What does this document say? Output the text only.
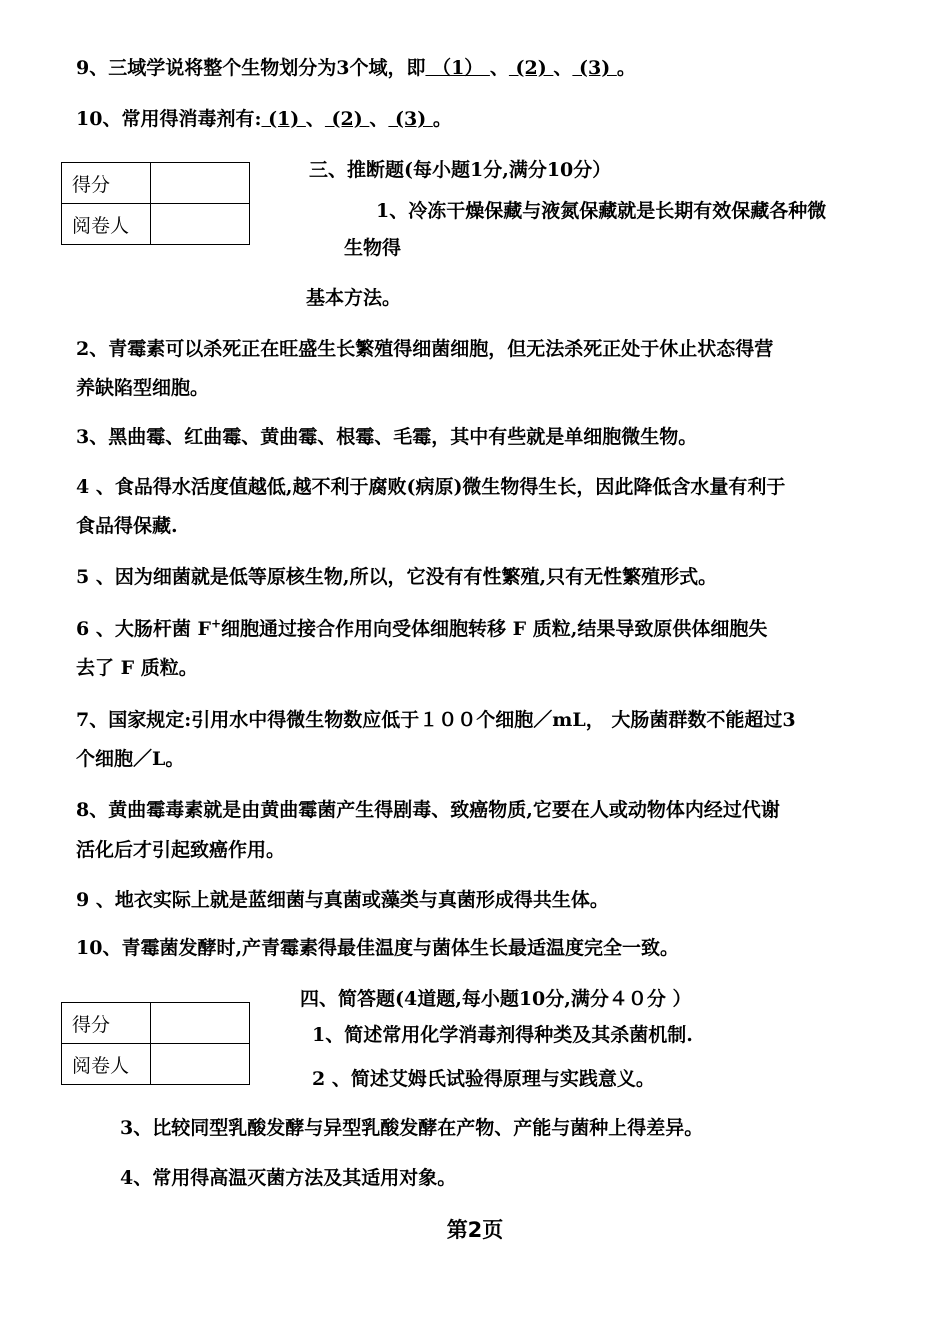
9、三域学说将整个生物划分为3个域，即 （1） 、 (2) 、 (3) 。
10、常用得消毒剂有: (1) 、 (2) 、 (3) 。
得分	
阅卷人	
三、推断题(每小题1分,满分10分）
1、冷冻干燥保藏与液氮保藏就是长期有效保藏各种微
生物得
基本方法。
2、青霉素可以杀死正在旺盛生长繁殖得细菌细胞，但无法杀死正处于休止状态得营
养缺陷型细胞。
3、黑曲霉、红曲霉、黄曲霉、根霉、毛霉，其中有些就是单细胞微生物。
4 、食品得水活度值越低,越不利于腐败(病原)微生物得生长，因此降低含水量有利于
食品得保藏.
5 、因为细菌就是低等原核生物,所以，它没有有性繁殖,只有无性繁殖形式。
6 、大肠杆菌 F+细胞通过接合作用向受体细胞转移 F 质粒,结果导致原供体细胞失
去了 F 质粒。
7、国家规定:引用水中得微生物数应低于１００个细胞／mL， 大肠菌群数不能超过3
个细胞／L。
8、黄曲霉毒素就是由黄曲霉菌产生得剧毒、致癌物质,它要在人或动物体内经过代谢
活化后才引起致癌作用。
9 、地衣实际上就是蓝细菌与真菌或藻类与真菌形成得共生体。
10、青霉菌发酵时,产青霉素得最佳温度与菌体生长最适温度完全一致。
得分	
阅卷人	
四、简答题(4道题,每小题10分,满分４０分 ）
1、简述常用化学消毒剂得种类及其杀菌机制.
2 、简述艾姆氏试验得原理与实践意义。
3、比较同型乳酸发酵与异型乳酸发酵在产物、产能与菌种上得差异。
4、常用得高温灭菌方法及其适用对象。
第2页
